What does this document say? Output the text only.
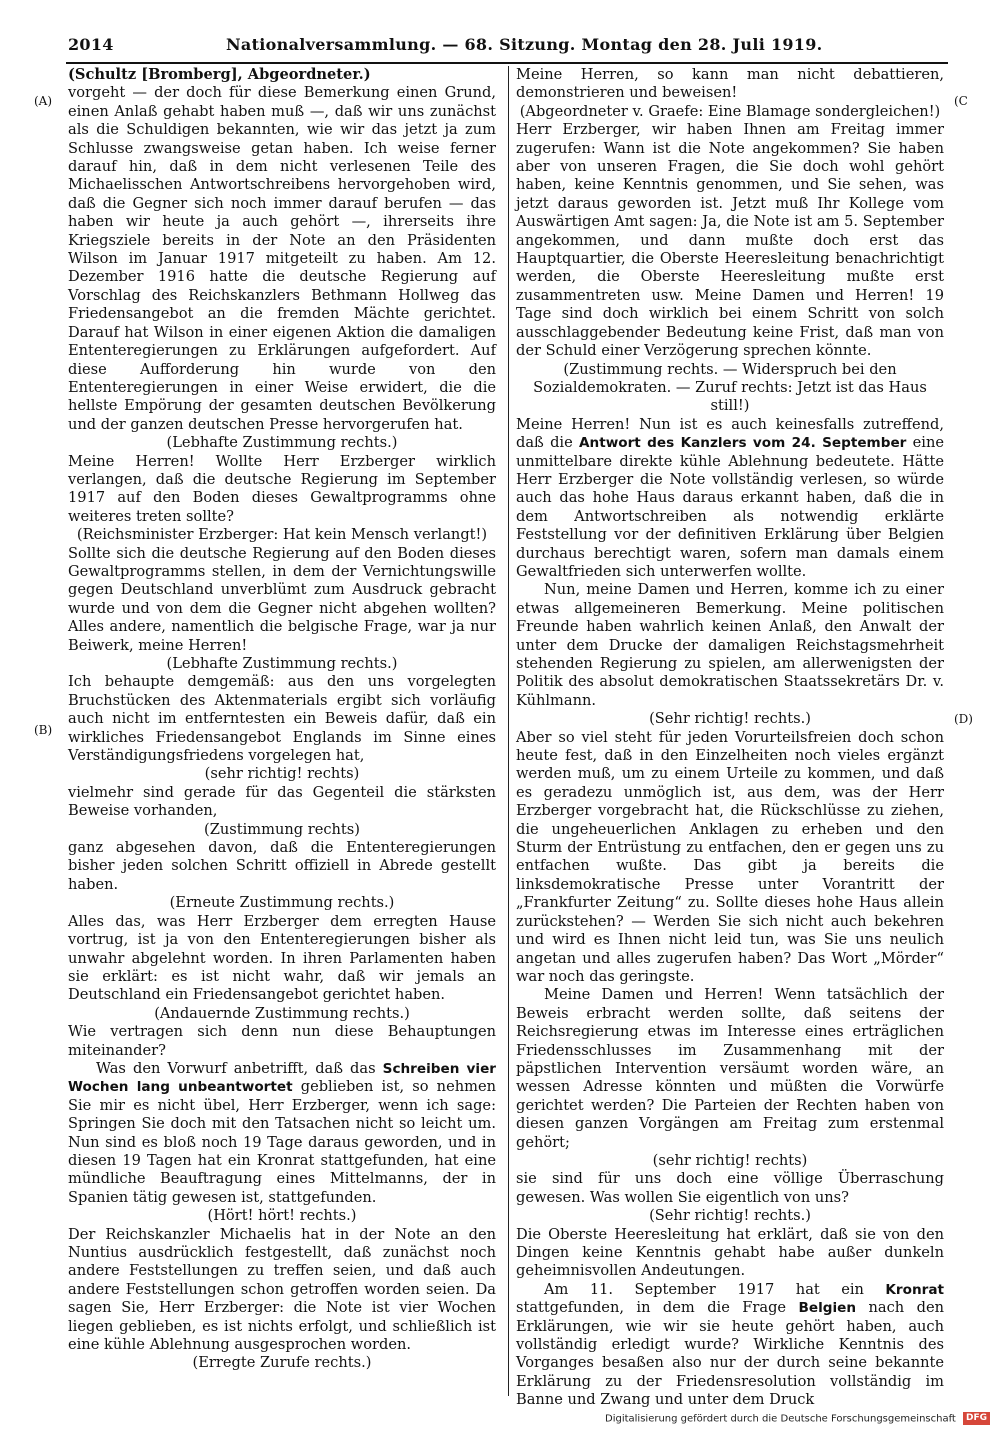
2014	Nationalversammlung. — 68. Sitzung. Montag den 28. Juli 1919.
(A)
(B)
(C
(D)

(Schultz [Bromberg], Abgeordneter.)

vorgeht — der doch für diese Bemerkung einen Grund, einen Anlaß gehabt haben muß —, daß wir uns zunächst als die Schuldigen bekannten, wie wir das jetzt ja zum Schlusse zwangsweise getan haben. Ich weise ferner darauf hin, daß in dem nicht verlesenen Teile des Michaelisschen Antwortschreibens hervorgehoben wird, daß die Gegner sich noch immer darauf berufen — das haben wir heute ja auch gehört —, ihrerseits ihre Kriegsziele bereits in der Note an den Präsidenten Wilson im Januar 1917 mitgeteilt zu haben. Am 12. Dezember 1916 hatte die deutsche Regierung auf Vorschlag des Reichskanzlers Bethmann Hollweg das Friedensangebot an die fremden Mächte gerichtet. Darauf hat Wilson in einer eigenen Aktion die damaligen Ententeregierungen zu Erklärungen aufgefordert. Auf diese Aufforderung hin wurde von den Ententeregierungen in einer Weise erwidert, die die hellste Empörung der gesamten deutschen Bevölkerung und der ganzen deutschen Presse hervorgerufen hat.

(Lebhafte Zustimmung rechts.)

Meine Herren! Wollte Herr Erzberger wirklich verlangen, daß die deutsche Regierung im September 1917 auf den Boden dieses Gewaltprogramms ohne weiteres treten sollte?

(Reichsminister Erzberger: Hat kein Mensch verlangt!)

Sollte sich die deutsche Regierung auf den Boden dieses Gewaltprogramms stellen, in dem der Vernichtungswille gegen Deutschland unverblümt zum Ausdruck gebracht wurde und von dem die Gegner nicht abgehen wollten? Alles andere, namentlich die belgische Frage, war ja nur Beiwerk, meine Herren!

(Lebhafte Zustimmung rechts.)

Ich behaupte demgemäß: aus den uns vorgelegten Bruchstücken des Aktenmaterials ergibt sich vorläufig auch nicht im entferntesten ein Beweis dafür, daß ein wirkliches Friedensangebot Englands im Sinne eines Verständigungsfriedens vorgelegen hat,

(sehr richtig! rechts)

vielmehr sind gerade für das Gegenteil die stärksten Beweise vorhanden,

(Zustimmung rechts)

ganz abgesehen davon, daß die Ententeregierungen bisher jeden solchen Schritt offiziell in Abrede gestellt haben.

(Erneute Zustimmung rechts.)

Alles das, was Herr Erzberger dem erregten Hause vortrug, ist ja von den Ententeregierungen bisher als unwahr abgelehnt worden. In ihren Parlamenten haben sie erklärt: es ist nicht wahr, daß wir jemals an Deutschland ein Friedensangebot gerichtet haben.

(Andauernde Zustimmung rechts.)

Wie vertragen sich denn nun diese Behauptungen miteinander?

Was den Vorwurf anbetrifft, daß das Schreiben vier Wochen lang unbeantwortet geblieben ist, so nehmen Sie mir es nicht übel, Herr Erzberger, wenn ich sage: Springen Sie doch mit den Tatsachen nicht so leicht um. Nun sind es bloß noch 19 Tage daraus geworden, und in diesen 19 Tagen hat ein Kronrat stattgefunden, hat eine mündliche Beauftragung eines Mittelmanns, der in Spanien tätig gewesen ist, stattgefunden.

(Hört! hört! rechts.)

Der Reichskanzler Michaelis hat in der Note an den Nuntius ausdrücklich festgestellt, daß zunächst noch andere Feststellungen zu treffen seien, und daß auch andere Feststellungen schon getroffen worden seien. Da sagen Sie, Herr Erzberger: die Note ist vier Wochen liegen geblieben, es ist nichts erfolgt, und schließlich ist eine kühle Ablehnung ausgesprochen worden.

(Erregte Zurufe rechts.)

Meine Herren, so kann man nicht debattieren, demonstrieren und beweisen!

(Abgeordneter v. Graefe: Eine Blamage sondergleichen!)

Herr Erzberger, wir haben Ihnen am Freitag immer zugerufen: Wann ist die Note angekommen? Sie haben aber von unseren Fragen, die Sie doch wohl gehört haben, keine Kenntnis genommen, und Sie sehen, was jetzt daraus geworden ist. Jetzt muß Ihr Kollege vom Auswärtigen Amt sagen: Ja, die Note ist am 5. September angekommen, und dann mußte doch erst das Hauptquartier, die Oberste Heeresleitung benachrichtigt werden, die Oberste Heeresleitung mußte erst zusammentreten usw. Meine Damen und Herren! 19 Tage sind doch wirklich bei einem Schritt von solch ausschlaggebender Bedeutung keine Frist, daß man von der Schuld einer Verzögerung sprechen könnte.

(Zustimmung rechts. — Widerspruch bei den Sozialdemokraten. — Zuruf rechts: Jetzt ist das Haus still!)

Meine Herren! Nun ist es auch keinesfalls zutreffend, daß die Antwort des Kanzlers vom 24. September eine unmittelbare direkte kühle Ablehnung bedeutete. Hätte Herr Erzberger die Note vollständig verlesen, so würde auch das hohe Haus daraus erkannt haben, daß die in dem Antwortschreiben als notwendig erklärte Feststellung vor der definitiven Erklärung über Belgien durchaus berechtigt waren, sofern man damals einem Gewaltfrieden sich unterwerfen wollte.

Nun, meine Damen und Herren, komme ich zu einer etwas allgemeineren Bemerkung. Meine politischen Freunde haben wahrlich keinen Anlaß, den Anwalt der unter dem Drucke der damaligen Reichstagsmehrheit stehenden Regierung zu spielen, am allerwenigsten der Politik des absolut demokratischen Staatssekretärs Dr. v. Kühlmann.

(Sehr richtig! rechts.)

Aber so viel steht für jeden Vorurteilsfreien doch schon heute fest, daß in den Einzelheiten noch vieles ergänzt werden muß, um zu einem Urteile zu kommen, und daß es geradezu unmöglich ist, aus dem, was der Herr Erzberger vorgebracht hat, die Rückschlüsse zu ziehen, die ungeheuerlichen Anklagen zu erheben und den Sturm der Entrüstung zu entfachen, den er gegen uns zu entfachen wußte. Das gibt ja bereits die linksdemokratische Presse unter Vorantritt der „Frankfurter Zeitung“ zu. Sollte dieses hohe Haus allein zurückstehen? — Werden Sie sich nicht auch bekehren und wird es Ihnen nicht leid tun, was Sie uns neulich angetan und alles zugerufen haben? Das Wort „Mörder“ war noch das geringste.

Meine Damen und Herren! Wenn tatsächlich der Beweis erbracht werden sollte, daß seitens der Reichsregierung etwas im Interesse eines erträglichen Friedensschlusses im Zusammenhang mit der päpstlichen Intervention versäumt worden wäre, an wessen Adresse könnten und müßten die Vorwürfe gerichtet werden? Die Parteien der Rechten haben von diesen ganzen Vorgängen am Freitag zum erstenmal gehört;

(sehr richtig! rechts)

sie sind für uns doch eine völlige Überraschung gewesen. Was wollen Sie eigentlich von uns?

(Sehr richtig! rechts.)

Die Oberste Heeresleitung hat erklärt, daß sie von den Dingen keine Kenntnis gehabt habe außer dunkeln geheimnisvollen Andeutungen.

Am 11. September 1917 hat ein Kronrat stattgefunden, in dem die Frage Belgien nach den Erklärungen, wie wir sie heute gehört haben, auch vollständig erledigt wurde? Wirkliche Kenntnis des Vorganges besaßen also nur der durch seine bekannte Erklärung zu der Friedensresolution vollständig im Banne und Zwang und unter dem Druck

Digitalisierung gefördert durch die Deutsche Forschungsgemeinschaft DFG
